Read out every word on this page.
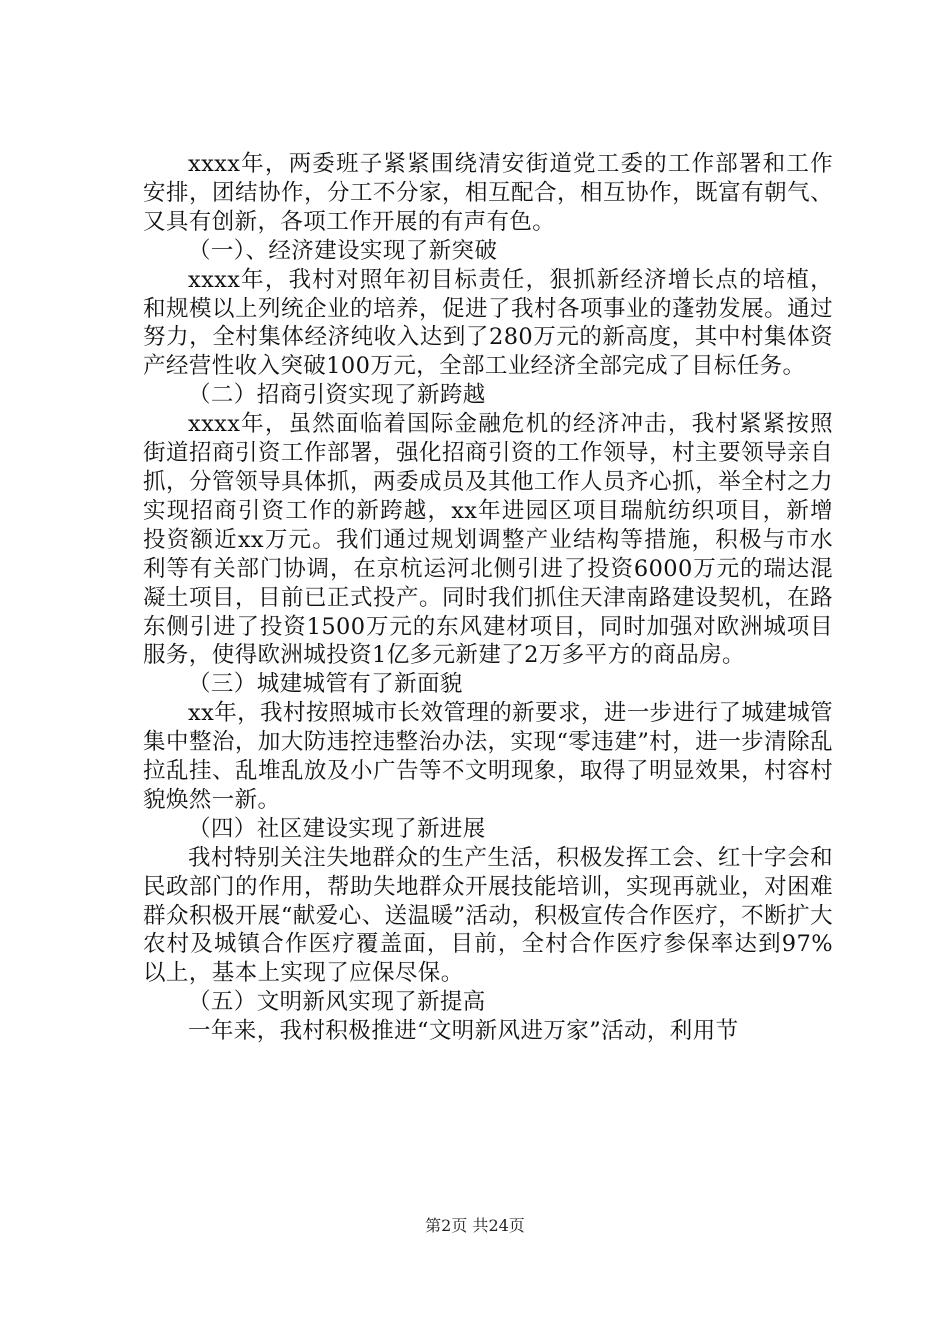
xxxx年，两委班子紧紧围绕清安街道党工委的工作部署和工作安排，团结协作，分工不分家，相互配合，相互协作，既富有朝气、又具有创新，各项工作开展的有声有色。

（一）、经济建设实现了新突破

xxxx年，我村对照年初目标责任，狠抓新经济增长点的培植，和规模以上列统企业的培养，促进了我村各项事业的蓬勃发展。通过努力，全村集体经济纯收入达到了280万元的新高度，其中村集体资产经营性收入突破100万元，全部工业经济全部完成了目标任务。

（二）招商引资实现了新跨越

xxxx年，虽然面临着国际金融危机的经济冲击，我村紧紧按照街道招商引资工作部署，强化招商引资的工作领导，村主要领导亲自抓，分管领导具体抓，两委成员及其他工作人员齐心抓，举全村之力实现招商引资工作的新跨越，xx年进园区项目瑞航纺织项目，新增投资额近xx万元。我们通过规划调整产业结构等措施，积极与市水利等有关部门协调，在京杭运河北侧引进了投资6000万元的瑞达混凝土项目，目前已正式投产。同时我们抓住天津南路建设契机，在路东侧引进了投资1500万元的东风建材项目，同时加强对欧洲城项目服务，使得欧洲城投资1亿多元新建了2万多平方的商品房。

（三）城建城管有了新面貌

xx年，我村按照城市长效管理的新要求，进一步进行了城建城管集中整治，加大防违控违整治办法，实现“零违建”村，进一步清除乱拉乱挂、乱堆乱放及小广告等不文明现象，取得了明显效果，村容村貌焕然一新。

（四）社区建设实现了新进展

我村特别关注失地群众的生产生活，积极发挥工会、红十字会和民政部门的作用，帮助失地群众开展技能培训，实现再就业，对困难群众积极开展“献爱心、送温暖”活动，积极宣传合作医疗，不断扩大农村及城镇合作医疗覆盖面，目前，全村合作医疗参保率达到97%以上，基本上实现了应保尽保。

（五）文明新风实现了新提高

一年来，我村积极推进“文明新风进万家”活动，利用节

第2页 共24页
